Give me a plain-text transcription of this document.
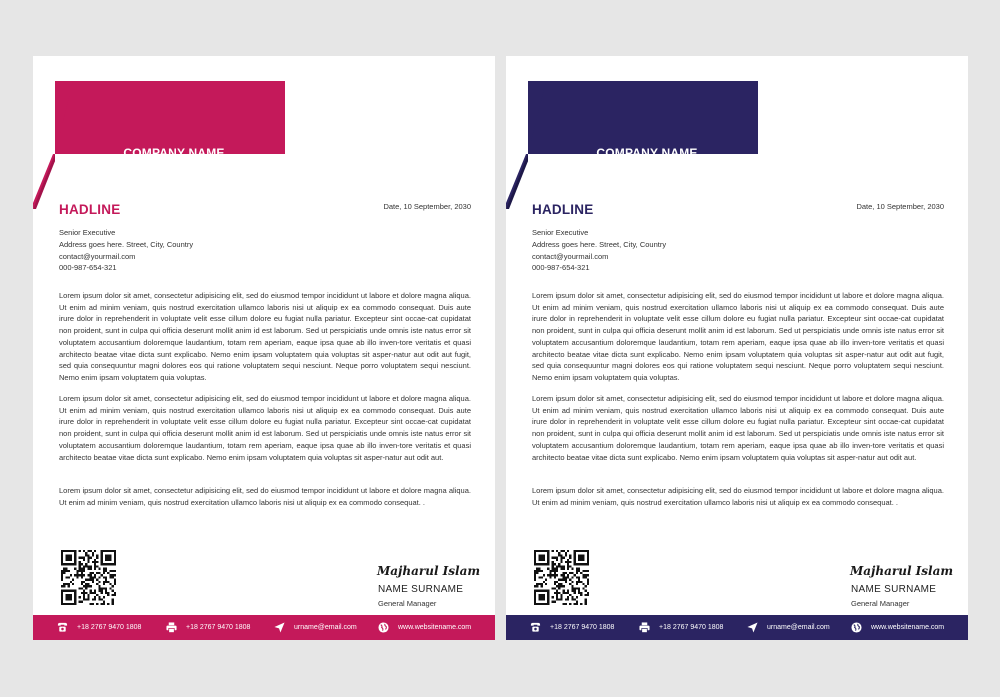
COMPANY NAME
Graphic Solutions
HADLINE	Date, 10 September, 2030
Senior Executive
Address goes here. Street, City, Country
contact@yourmail.com
000-987-654-321

Lorem ipsum dolor sit amet, consectetur adipisicing elit, sed do eiusmod tempor incididunt ut labore et dolore magna aliqua. Ut enim ad minim veniam, quis nostrud exercitation ullamco laboris nisi ut aliquip ex ea commodo consequat. Duis aute irure dolor in reprehenderit in voluptate velit esse cillum dolore eu fugiat nulla pariatur. Excepteur sint occae-cat cupidatat non proident, sunt in culpa qui officia deserunt mollit anim id est laborum. Sed ut perspiciatis unde omnis iste natus error sit voluptatem accusantium doloremque laudantium, totam rem aperiam, eaque ipsa quae ab illo inven-tore veritatis et quasi architecto beatae vitae dicta sunt explicabo. Nemo enim ipsam voluptatem quia voluptas sit asper-natur aut odit aut fugit, sed quia consequuntur magni dolores eos qui ratione voluptatem sequi nesciunt. Neque porro voluptatem sequi nesciunt. Nemo enim ipsam voluptatem quia voluptas.

Lorem ipsum dolor sit amet, consectetur adipisicing elit, sed do eiusmod tempor incididunt ut labore et dolore magna aliqua. Ut enim ad minim veniam, quis nostrud exercitation ullamco laboris nisi ut aliquip ex ea commodo consequat. Duis aute irure dolor in reprehenderit in voluptate velit esse cillum dolore eu fugiat nulla pariatur. Excepteur sint occae-cat cupidatat non proident, sunt in culpa qui officia deserunt mollit anim id est laborum. Sed ut perspiciatis unde omnis iste natus error sit voluptatem accusantium doloremque laudantium, totam rem aperiam, eaque ipsa quae ab illo inven-tore veritatis et quasi architecto beatae vitae dicta sunt explicabo. Nemo enim ipsam voluptatem quia voluptas sit asper-natur aut odit aut.

Lorem ipsum dolor sit amet, consectetur adipisicing elit, sed do eiusmod tempor incididunt ut labore et dolore magna aliqua. Ut enim ad minim veniam, quis nostrud exercitation ullamco laboris nisi ut aliquip ex ea commodo consequat. .

Majharul Islam
NAME SURNAME
General Manager
+18 2767 9470 1808	+18 2767 9470 1808	urname@email.com	www.websitename.com
COMPANY NAME
Graphic Solutions
HADLINE	Date, 10 September, 2030
Senior Executive
Address goes here. Street, City, Country
contact@yourmail.com
000-987-654-321

Lorem ipsum dolor sit amet, consectetur adipisicing elit, sed do eiusmod tempor incididunt ut labore et dolore magna aliqua. Ut enim ad minim veniam, quis nostrud exercitation ullamco laboris nisi ut aliquip ex ea commodo consequat. Duis aute irure dolor in reprehenderit in voluptate velit esse cillum dolore eu fugiat nulla pariatur. Excepteur sint occae-cat cupidatat non proident, sunt in culpa qui officia deserunt mollit anim id est laborum. Sed ut perspiciatis unde omnis iste natus error sit voluptatem accusantium doloremque laudantium, totam rem aperiam, eaque ipsa quae ab illo inven-tore veritatis et quasi architecto beatae vitae dicta sunt explicabo. Nemo enim ipsam voluptatem quia voluptas sit asper-natur aut odit aut fugit, sed quia consequuntur magni dolores eos qui ratione voluptatem sequi nesciunt. Neque porro voluptatem sequi nesciunt. Nemo enim ipsam voluptatem quia voluptas.

Lorem ipsum dolor sit amet, consectetur adipisicing elit, sed do eiusmod tempor incididunt ut labore et dolore magna aliqua. Ut enim ad minim veniam, quis nostrud exercitation ullamco laboris nisi ut aliquip ex ea commodo consequat. Duis aute irure dolor in reprehenderit in voluptate velit esse cillum dolore eu fugiat nulla pariatur. Excepteur sint occae-cat cupidatat non proident, sunt in culpa qui officia deserunt mollit anim id est laborum. Sed ut perspiciatis unde omnis iste natus error sit voluptatem accusantium doloremque laudantium, totam rem aperiam, eaque ipsa quae ab illo inven-tore veritatis et quasi architecto beatae vitae dicta sunt explicabo. Nemo enim ipsam voluptatem quia voluptas sit asper-natur aut odit aut.

Lorem ipsum dolor sit amet, consectetur adipisicing elit, sed do eiusmod tempor incididunt ut labore et dolore magna aliqua. Ut enim ad minim veniam, quis nostrud exercitation ullamco laboris nisi ut aliquip ex ea commodo consequat. .

Majharul Islam
NAME SURNAME
General Manager
+18 2767 9470 1808	+18 2767 9470 1808	urname@email.com	www.websitename.com
